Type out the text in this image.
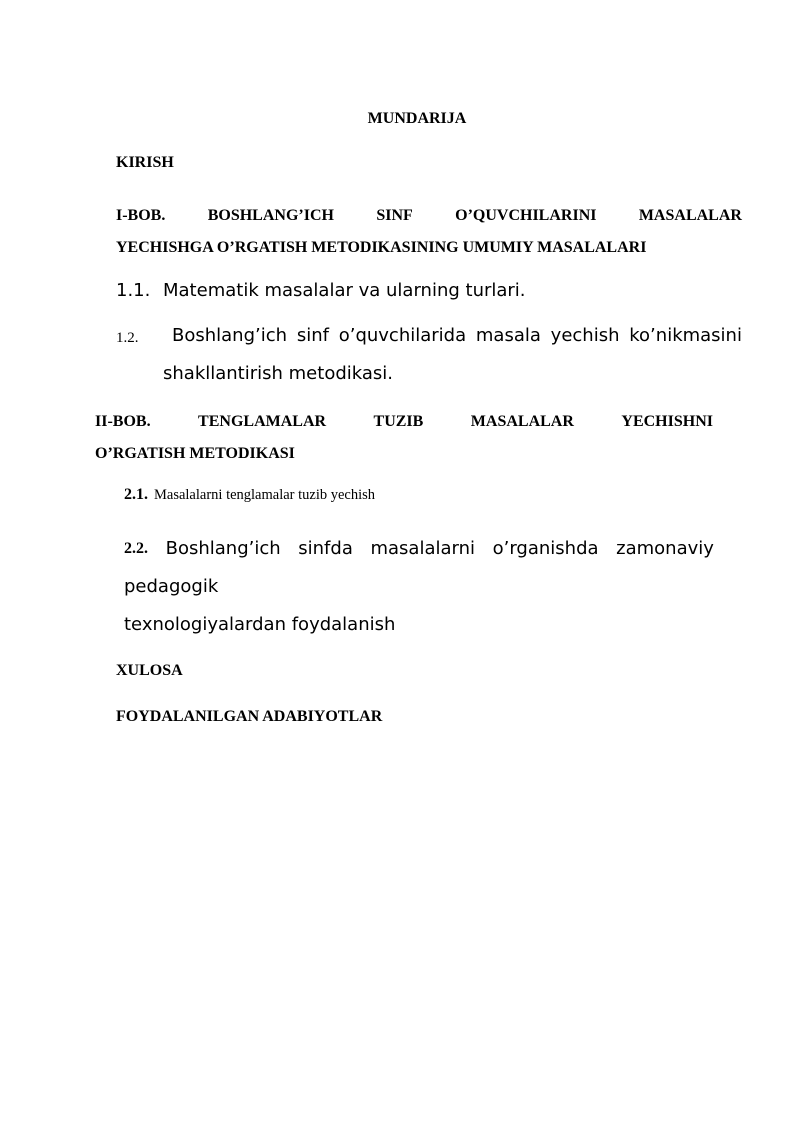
MUNDARIJA
KIRISH
I-BOB.	BOSHLANG’ICH	SINF	O’QUVCHILARINI	MASALALAR
YECHISHGA O’RGATISH METODIKASINING UMUMIY MASALALARI
1.1. Matematik masalalar va ularning turlari.
1.2.	Boshlang’ich sinf o’quvchilarida masala yechish ko’nikmasini
shakllantirish metodikasi.
II-BOB.	TENGLAMALAR	TUZIB	MASALALAR	YECHISHNI
O’RGATISH METODIKASI
2.1. Masalalarni tenglamalar tuzib yechish
2.2. Boshlang’ich sinfda masalalarni o’rganishda zamonaviy
pedagogik
texnologiyalardan foydalanish
XULOSA
FOYDALANILGAN ADABIYOTLAR
